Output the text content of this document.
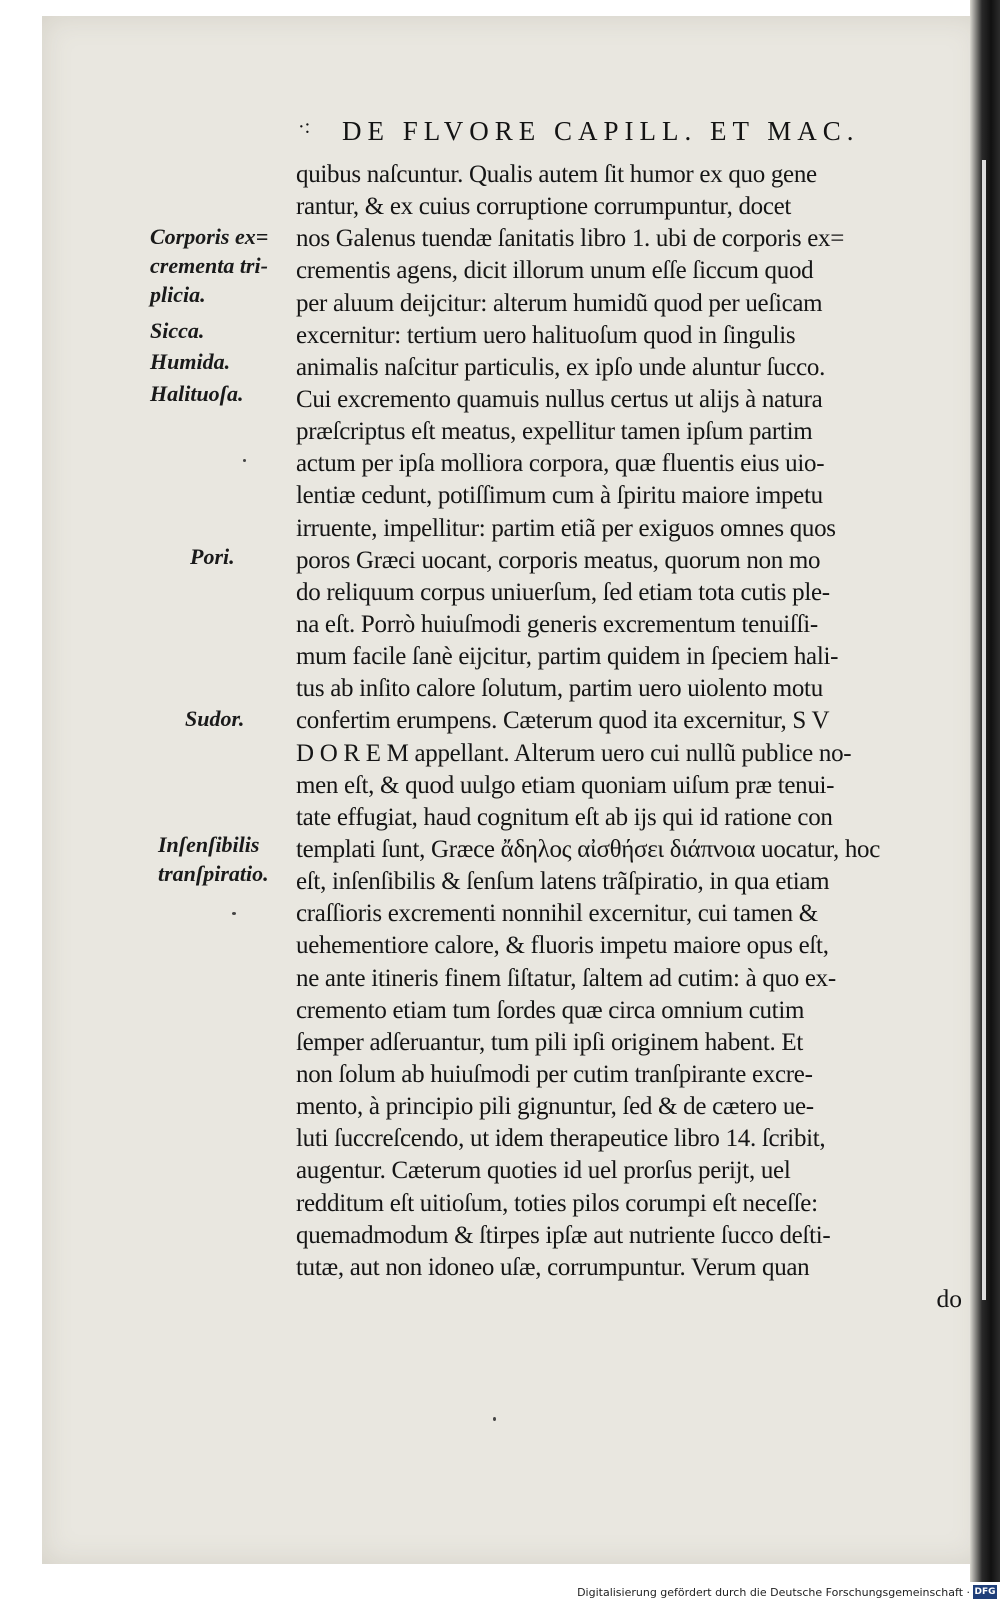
·: DE FLVORE CAPILL. ET MAC.
quibus naſcuntur. Qualis autem ſit humor ex quo gene
rantur, & ex cuius corruptione corrumpuntur, docet
nos Galenus tuendæ ſanitatis libro 1. ubi de corporis ex=
crementis agens, dicit illorum unum eſſe ſiccum quod
per aluum deijcitur: alterum humidũ quod per ueſicam
excernitur: tertium uero halituoſum quod in ſingulis
animalis naſcitur particulis, ex ipſo unde aluntur ſucco.
Cui excremento quamuis nullus certus ut alijs à natura
præſcriptus eſt meatus, expellitur tamen ipſum partim
actum per ipſa molliora corpora, quæ fluentis eius uio-
lentiæ cedunt, potiſſimum cum à ſpiritu maiore impetu
irruente, impellitur: partim etiã per exiguos omnes quos
poros Græci uocant, corporis meatus, quorum non mo
do reliquum corpus uniuerſum, ſed etiam tota cutis ple-
na eſt. Porrò huiuſmodi generis excrementum tenuiſſi-
mum facile ſanè eijcitur, partim quidem in ſpeciem hali-
tus ab inſito calore ſolutum, partim uero uiolento motu
confertim erumpens. Cæterum quod ita excernitur, S V
D O R E M appellant. Alterum uero cui nullũ publice no-
men eſt, & quod uulgo etiam quoniam uiſum præ tenui-
tate effugiat, haud cognitum eſt ab ijs qui id ratione con
templati ſunt, Græce ἄδηλος αἰσθήσει διάπνοια uocatur, hoc
eſt, inſenſibilis & ſenſum latens trãſpiratio, in qua etiam
craſſioris excrementi nonnihil excernitur, cui tamen &
uehementiore calore, & fluoris impetu maiore opus eſt,
ne ante itineris finem ſiſtatur, ſaltem ad cutim: à quo ex-
cremento etiam tum ſordes quæ circa omnium cutim
ſemper adſeruantur, tum pili ipſi originem habent. Et
non ſolum ab huiuſmodi per cutim tranſpirante excre-
mento, à principio pili gignuntur, ſed & de cætero ue-
luti ſuccreſcendo, ut idem therapeutice libro 14. ſcribit,
augentur. Cæterum quoties id uel prorſus perijt, uel
redditum eſt uitioſum, toties pilos corumpi eſt neceſſe:
quemadmodum & ſtirpes ipſæ aut nutriente ſucco deſti-
tutæ, aut non idoneo uſæ, corrumpuntur. Verum quan
do
Corporis ex=
crementa tri-
plicia.
Sicca.
Humida.
Halituoſa.
Pori.
Sudor.
Inſenſibilis
tranſpiratio.
Digitalisierung gefördert durch die Deutsche Forschungsgemeinschaft · DFG
